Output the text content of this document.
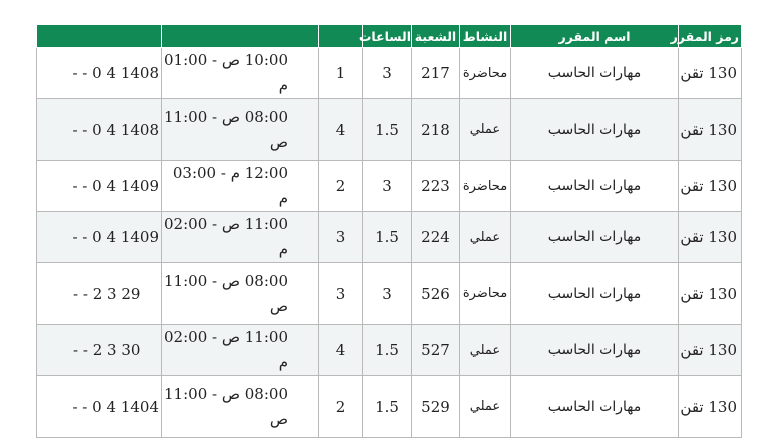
رمز المقرر	اسم المقرر	النشاط	الشعبة	الساعات			
130 تقن	مهارات الحاسب	محاضرة	217	3	1	10:00 ص - 01:00 م	1408 4 0 - -
130 تقن	مهارات الحاسب	عملي	218	1.5	4	08:00 ص - 11:00 ص	1408 4 0 - -
130 تقن	مهارات الحاسب	محاضرة	223	3	2	12:00 م - 03:00 م	1409 4 0 - -
130 تقن	مهارات الحاسب	عملي	224	1.5	3	11:00 ص - 02:00 م	1409 4 0 - -
130 تقن	مهارات الحاسب	محاضرة	526	3	3	08:00 ص - 11:00 ص	29 3 2 - -
130 تقن	مهارات الحاسب	عملي	527	1.5	4	11:00 ص - 02:00 م	30 3 2 - -
130 تقن	مهارات الحاسب	عملي	529	1.5	2	08:00 ص - 11:00 ص	1404 4 0 - -
